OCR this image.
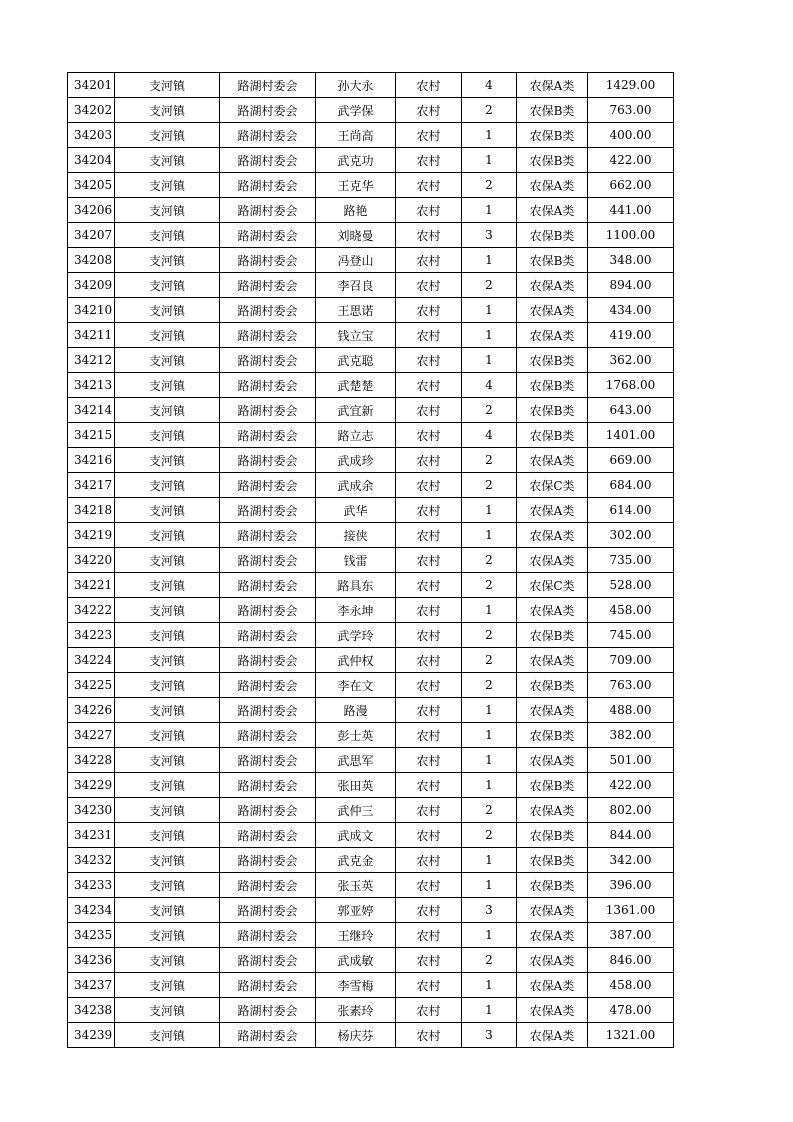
34201	支河镇	路湖村委会	孙大永	农村	4	农保A类	1429.00
34202	支河镇	路湖村委会	武学保	农村	2	农保B类	763.00
34203	支河镇	路湖村委会	王尚高	农村	1	农保B类	400.00
34204	支河镇	路湖村委会	武克功	农村	1	农保B类	422.00
34205	支河镇	路湖村委会	王克华	农村	2	农保A类	662.00
34206	支河镇	路湖村委会	路艳	农村	1	农保A类	441.00
34207	支河镇	路湖村委会	刘晓曼	农村	3	农保B类	1100.00
34208	支河镇	路湖村委会	冯登山	农村	1	农保B类	348.00
34209	支河镇	路湖村委会	李召良	农村	2	农保A类	894.00
34210	支河镇	路湖村委会	王思诺	农村	1	农保A类	434.00
34211	支河镇	路湖村委会	钱立宝	农村	1	农保A类	419.00
34212	支河镇	路湖村委会	武克聪	农村	1	农保B类	362.00
34213	支河镇	路湖村委会	武楚楚	农村	4	农保B类	1768.00
34214	支河镇	路湖村委会	武宜新	农村	2	农保B类	643.00
34215	支河镇	路湖村委会	路立志	农村	4	农保B类	1401.00
34216	支河镇	路湖村委会	武成珍	农村	2	农保A类	669.00
34217	支河镇	路湖村委会	武成余	农村	2	农保C类	684.00
34218	支河镇	路湖村委会	武华	农村	1	农保A类	614.00
34219	支河镇	路湖村委会	接侠	农村	1	农保A类	302.00
34220	支河镇	路湖村委会	钱雷	农村	2	农保A类	735.00
34221	支河镇	路湖村委会	路具东	农村	2	农保C类	528.00
34222	支河镇	路湖村委会	李永坤	农村	1	农保A类	458.00
34223	支河镇	路湖村委会	武学玲	农村	2	农保B类	745.00
34224	支河镇	路湖村委会	武仲权	农村	2	农保A类	709.00
34225	支河镇	路湖村委会	李在文	农村	2	农保B类	763.00
34226	支河镇	路湖村委会	路漫	农村	1	农保A类	488.00
34227	支河镇	路湖村委会	彭士英	农村	1	农保B类	382.00
34228	支河镇	路湖村委会	武思军	农村	1	农保A类	501.00
34229	支河镇	路湖村委会	张田英	农村	1	农保B类	422.00
34230	支河镇	路湖村委会	武仲三	农村	2	农保A类	802.00
34231	支河镇	路湖村委会	武成文	农村	2	农保B类	844.00
34232	支河镇	路湖村委会	武克金	农村	1	农保B类	342.00
34233	支河镇	路湖村委会	张玉英	农村	1	农保B类	396.00
34234	支河镇	路湖村委会	郭亚婷	农村	3	农保A类	1361.00
34235	支河镇	路湖村委会	王继玲	农村	1	农保A类	387.00
34236	支河镇	路湖村委会	武成敏	农村	2	农保A类	846.00
34237	支河镇	路湖村委会	李雪梅	农村	1	农保A类	458.00
34238	支河镇	路湖村委会	张素玲	农村	1	农保A类	478.00
34239	支河镇	路湖村委会	杨庆芬	农村	3	农保A类	1321.00
